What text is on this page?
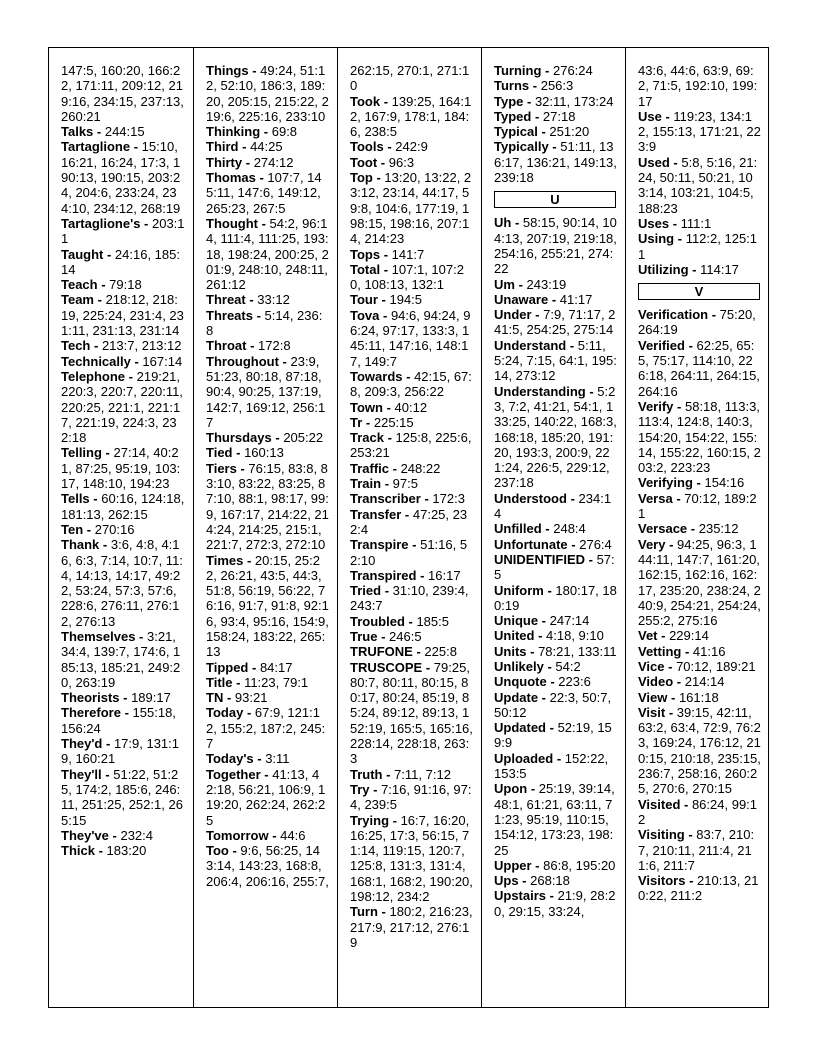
147:5, 160:20, 166:22, 171:11, 209:12, 219:16, 234:15, 237:13, 260:21
Talks - 244:15
Tartaglione - 15:10, 16:21, 16:24, 17:3, 190:13, 190:15, 203:24, 204:6, 233:24, 234:10, 234:12, 268:19
Tartaglione's - 203:11
Taught - 24:16, 185:14
Teach - 79:18
Team - 218:12, 218:19, 225:24, 231:4, 231:11, 231:13, 231:14
Tech - 213:7, 213:12
Technically - 167:14
Telephone - 219:21, 220:3, 220:7, 220:11, 220:25, 221:1, 221:17, 221:19, 224:3, 232:18
Telling - 27:14, 40:21, 87:25, 95:19, 103:17, 148:10, 194:23
Tells - 60:16, 124:18, 181:13, 262:15
Ten - 270:16
Thank - 3:6, 4:8, 4:16, 6:3, 7:14, 10:7, 11:4, 14:13, 14:17, 49:22, 53:24, 57:3, 57:6, 228:6, 276:11, 276:12, 276:13
Themselves - 3:21, 34:4, 139:7, 174:6, 185:13, 185:21, 249:20, 263:19
Theorists - 189:17
Therefore - 155:18, 156:24
They'd - 17:9, 131:19, 160:21
They'll - 51:22, 51:25, 174:2, 185:6, 246:11, 251:25, 252:1, 265:15
They've - 232:4
Thick - 183:20
Things - 49:24, 51:12, 52:10, 186:3, 189:20, 205:15, 215:22, 219:6, 225:16, 233:10
Thinking - 69:8
Third - 44:25
Thirty - 274:12
Thomas - 107:7, 145:11, 147:6, 149:12, 265:23, 267:5
Thought - 54:2, 96:14, 111:4, 111:25, 193:18, 198:24, 200:25, 201:9, 248:10, 248:11, 261:12
Threat - 33:12
Threats - 5:14, 236:8
Throat - 172:8
Throughout - 23:9, 51:23, 80:18, 87:18, 90:4, 90:25, 137:19, 142:7, 169:12, 256:17
Thursdays - 205:22
Tied - 160:13
Tiers - 76:15, 83:8, 83:10, 83:22, 83:25, 87:10, 88:1, 98:17, 99:9, 167:17, 214:22, 214:24, 214:25, 215:1, 221:7, 272:3, 272:10
Times - 20:15, 25:22, 26:21, 43:5, 44:3, 51:8, 56:19, 56:22, 76:16, 91:7, 91:8, 92:16, 93:4, 95:16, 154:9, 158:24, 183:22, 265:13
Tipped - 84:17
Title - 11:23, 79:1
TN - 93:21
Today - 67:9, 121:12, 155:2, 187:2, 245:7
Today's - 3:11
Together - 41:13, 42:18, 56:21, 106:9, 119:20, 262:24, 262:25
Tomorrow - 44:6
Too - 9:6, 56:25, 143:14, 143:23, 168:8, 206:4, 206:16, 255:7,
262:15, 270:1, 271:10
Took - 139:25, 164:12, 167:9, 178:1, 184:6, 238:5
Tools - 242:9
Toot - 96:3
Top - 13:20, 13:22, 23:12, 23:14, 44:17, 59:8, 104:6, 177:19, 198:15, 198:16, 207:14, 214:23
Tops - 141:7
Total - 107:1, 107:20, 108:13, 132:1
Tour - 194:5
Tova - 94:6, 94:24, 96:24, 97:17, 133:3, 145:11, 147:16, 148:17, 149:7
Towards - 42:15, 67:8, 209:3, 256:22
Town - 40:12
Tr - 225:15
Track - 125:8, 225:6, 253:21
Traffic - 248:22
Train - 97:5
Transcriber - 172:3
Transfer - 47:25, 232:4
Transpire - 51:16, 52:10
Transpired - 16:17
Tried - 31:10, 239:4, 243:7
Troubled - 185:5
True - 246:5
TRUFONE - 225:8
TRUSCOPE - 79:25, 80:7, 80:11, 80:15, 80:17, 80:24, 85:19, 85:24, 89:12, 89:13, 152:19, 165:5, 165:16, 228:14, 228:18, 263:3
Truth - 7:11, 7:12
Try - 7:16, 91:16, 97:4, 239:5
Trying - 16:7, 16:20, 16:25, 17:3, 56:15, 71:14, 119:15, 120:7, 125:8, 131:3, 131:4, 168:1, 168:2, 190:20, 198:12, 234:2
Turn - 180:2, 216:23, 217:9, 217:12, 276:19
Turning - 276:24
Turns - 256:3
Type - 32:11, 173:24
Typed - 27:18
Typical - 251:20
Typically - 51:11, 136:17, 136:21, 149:13, 239:18
U
Uh - 58:15, 90:14, 104:13, 207:19, 219:18, 254:16, 255:21, 274:22
Um - 243:19
Unaware - 41:17
Under - 7:9, 71:17, 241:5, 254:25, 275:14
Understand - 5:11, 5:24, 7:15, 64:1, 195:14, 273:12
Understanding - 5:23, 7:2, 41:21, 54:1, 133:25, 140:22, 168:3, 168:18, 185:20, 191:20, 193:3, 200:9, 221:24, 226:5, 229:12, 237:18
Understood - 234:14
Unfilled - 248:4
Unfortunate - 276:4
UNIDENTIFIED - 57:5
Uniform - 180:17, 180:19
Unique - 247:14
United - 4:18, 9:10
Units - 78:21, 133:11
Unlikely - 54:2
Unquote - 223:6
Update - 22:3, 50:7, 50:12
Updated - 52:19, 159:9
Uploaded - 152:22, 153:5
Upon - 25:19, 39:14, 48:1, 61:21, 63:11, 71:23, 95:19, 110:15, 154:12, 173:23, 198:25
Upper - 86:8, 195:20
Ups - 268:18
Upstairs - 21:9, 28:20, 29:15, 33:24,
43:6, 44:6, 63:9, 69:2, 71:5, 192:10, 199:17
Use - 119:23, 134:12, 155:13, 171:21, 223:9
Used - 5:8, 5:16, 21:24, 50:11, 50:21, 103:14, 103:21, 104:5, 188:23
Uses - 111:1
Using - 112:2, 125:11
Utilizing - 114:17
V
Verification - 75:20, 264:19
Verified - 62:25, 65:5, 75:17, 114:10, 226:18, 264:11, 264:15, 264:16
Verify - 58:18, 113:3, 113:4, 124:8, 140:3, 154:20, 154:22, 155:14, 155:22, 160:15, 203:2, 223:23
Verifying - 154:16
Versa - 70:12, 189:21
Versace - 235:12
Very - 94:25, 96:3, 144:11, 147:7, 161:20, 162:15, 162:16, 162:17, 235:20, 238:24, 240:9, 254:21, 254:24, 255:2, 275:16
Vet - 229:14
Vetting - 41:16
Vice - 70:12, 189:21
Video - 214:14
View - 161:18
Visit - 39:15, 42:11, 63:2, 63:4, 72:9, 76:23, 169:24, 176:12, 210:15, 210:18, 235:15, 236:7, 258:16, 260:25, 270:6, 270:15
Visited - 86:24, 99:12
Visiting - 83:7, 210:7, 210:11, 211:4, 211:6, 211:7
Visitors - 210:13, 210:22, 211:2
